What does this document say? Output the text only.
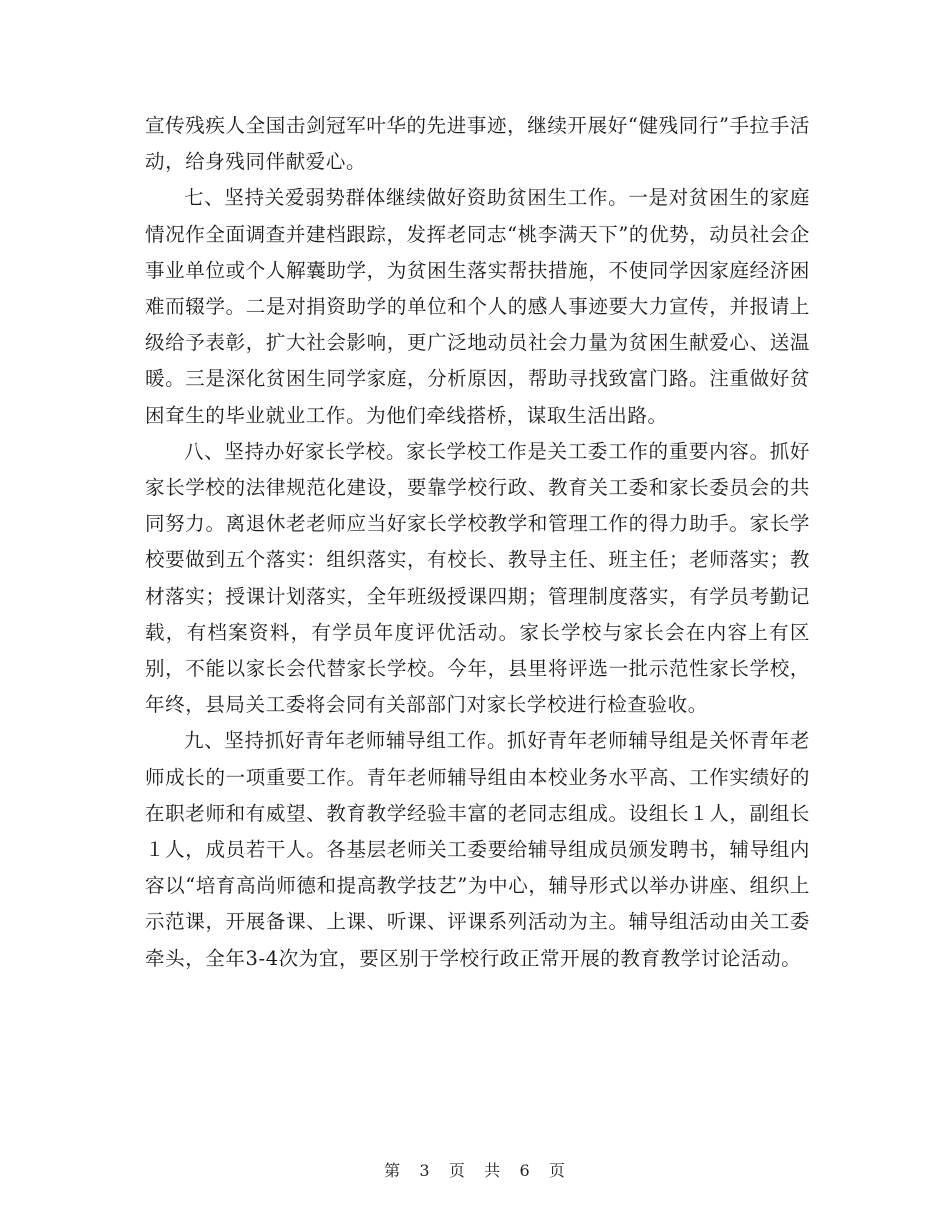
宣传残疾人全国击剑冠军叶华的先进事迹，继续开展好“健残同行”手拉手活动，给身残同伴献爱心。

七、坚持关爱弱势群体继续做好资助贫困生工作。一是对贫困生的家庭情况作全面调查并建档跟踪，发挥老同志“桃李满天下”的优势，动员社会企事业单位或个人解囊助学，为贫困生落实帮扶措施，不使同学因家庭经济困难而辍学。二是对捐资助学的单位和个人的感人事迹要大力宣传，并报请上级给予表彰，扩大社会影响，更广泛地动员社会力量为贫困生献爱心、送温暖。三是深化贫困生同学家庭，分析原因，帮助寻找致富门路。注重做好贫困耷生的毕业就业工作。为他们牵线搭桥，谋取生活出路。

八、坚持办好家长学校。家长学校工作是关工委工作的重要内容。抓好家长学校的法律规范化建设，要靠学校行政、教育关工委和家长委员会的共同努力。离退休老老师应当好家长学校教学和管理工作的得力助手。家长学校要做到五个落实：组织落实，有校长、教导主任、班主任；老师落实；教材落实；授课计划落实，全年班级授课四期；管理制度落实，有学员考勤记载，有档案资料，有学员年度评优活动。家长学校与家长会在内容上有区别，不能以家长会代替家长学校。今年，县里将评选一批示范性家长学校，年终，县局关工委将会同有关部部门对家长学校进行检查验收。

九、坚持抓好青年老师辅导组工作。抓好青年老师辅导组是关怀青年老师成长的一项重要工作。青年老师辅导组由本校业务水平高、工作实绩好的在职老师和有威望、教育教学经验丰富的老同志组成。设组长１人，副组长１人，成员若干人。各基层老师关工委要给辅导组成员颁发聘书，辅导组内容以“培育高尚师德和提高教学技艺”为中心，辅导形式以举办讲座、组织上示范课，开展备课、上课、听课、评课系列活动为主。辅导组活动由关工委牵头，全年3-4次为宜，要区别于学校行政正常开展的教育教学讨论活动。

第 3 页 共 6 页
